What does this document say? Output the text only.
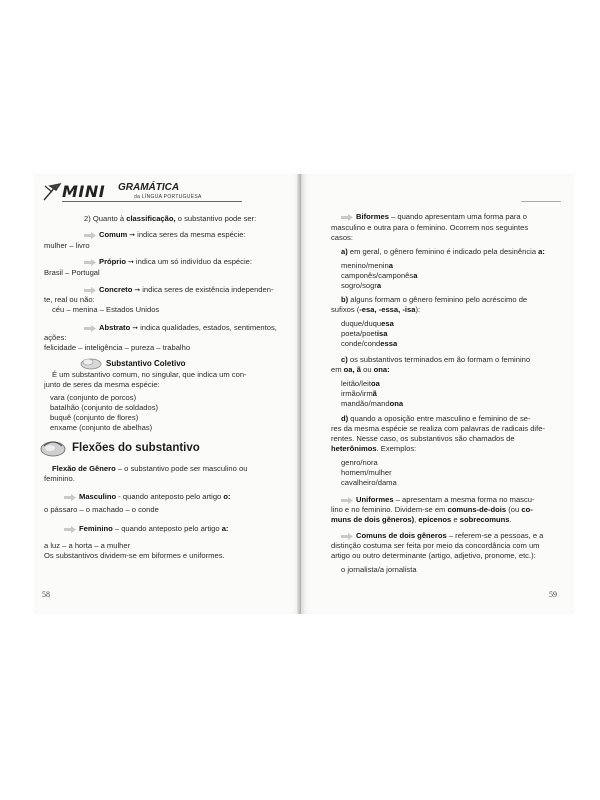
MINI GRAMÁTICA
da LÍNGUA PORTUGUESA
2) Quanto à classificação, o substantivo pode ser:
Comum ➞ indica seres da mesma espécie:
mulher – livro
Próprio ➞ indica um só indivíduo da espécie:
Brasil – Portugal
Concreto ➞ indica seres de existência independen-
te, real ou não:
céu – menina – Estados Unidos
Abstrato ➞ indica qualidades, estados, sentimentos,
ações:
felicidade – inteligência – pureza – trabalho
Substantivo Coletivo
É um substantivo comum, no singular, que indica um con-
junto de seres da mesma espécie:
vara (conjunto de porcos)
batalhão (conjunto de soldados)
buquê (conjunto de flores)
enxame (conjunto de abelhas)
Flexões do substantivo
Flexão de Gênero – o substantivo pode ser masculino ou
feminino.
Masculino - quando anteposto pelo artigo o:
o pássaro – o machado – o conde
Feminino – quando anteposto pelo artigo a:
a luz – a horta – a mulher
Os substantivos dividem-se em biformes e uniformes.
58
Biformes – quando apresentam uma forma para o
masculino e outra para o feminino. Ocorrem nos seguintes
casos:
a) em geral, o gênero feminino é indicado pela desinência a:
menino/menina
camponês/camponêsa
sogro/sogra
b) alguns formam o gênero feminino pelo acréscimo de
sufixos (-esa, -essa, -isa):
duque/duquesa
poeta/poetisa
conde/condessa
c) os substantivos terminados em ão formam o feminino
em oa, ã ou ona:
leitão/leitoa
irmão/irmã
mandão/mandona
d) quando a oposição entre masculino e feminino de se-
res da mesma espécie se realiza com palavras de radicais dife-
rentes. Nesse caso, os substantivos são chamados de
heterônimos. Exemplos:
genro/nora
homem/mulher
cavalheiro/dama
Uniformes – apresentam a mesma forma no mascu-
lino e no feminino. Dividem-se em comuns-de-dois (ou co-
muns de dois gêneros), epicenos e sobrecomuns.
Comuns de dois gêneros – referem-se a pessoas, e a
distinção costuma ser feita por meio da concordância com um
artigo ou outro determinante (artigo, adjetivo, pronome, etc.):
o jornalista/a jornalista
59
